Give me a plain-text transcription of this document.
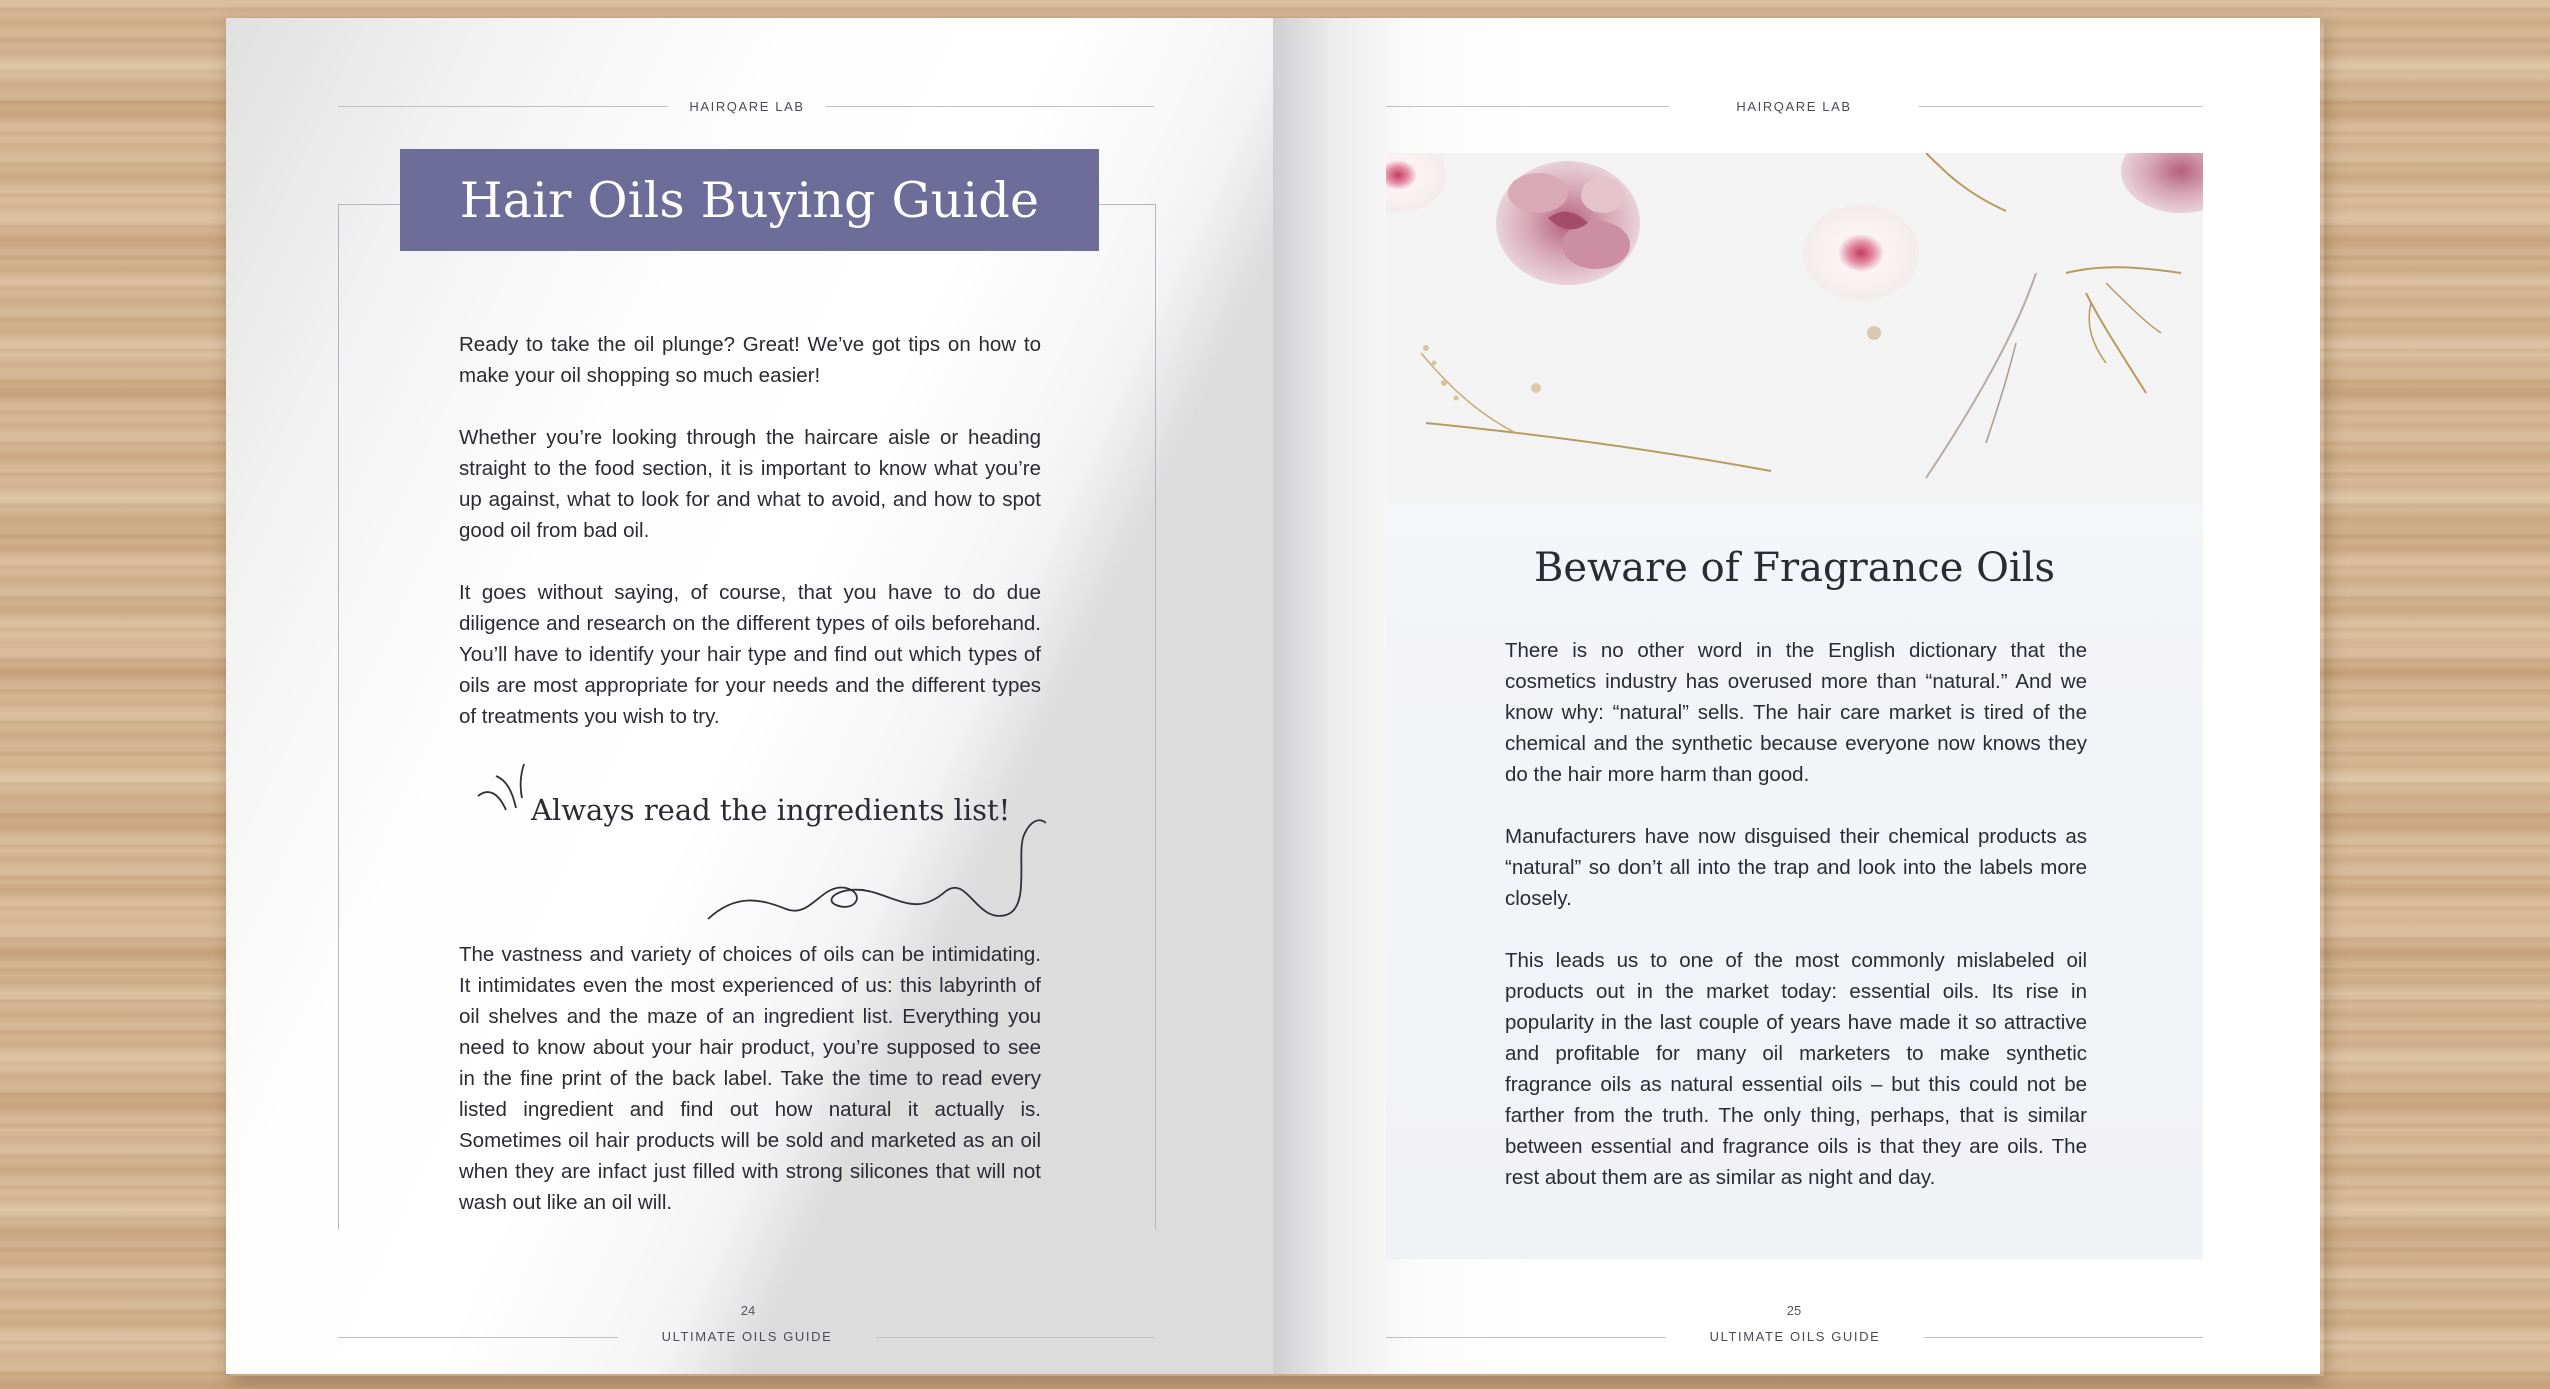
HAIRQARE LAB
Hair Oils Buying Guide

Ready to take the oil plunge? Great! We’ve got tips on how to make your oil shopping so much easier!

Whether you’re looking through the haircare aisle or heading straight to the food section, it is important to know what you’re up against, what to look for and what to avoid, and how to spot good oil from bad oil.

It goes without saying, of course, that you have to do due diligence and research on the different types of oils beforehand. You’ll have to identify your hair type and find out which types of oils are most appropriate for your needs and the different types of treatments you wish to try.

Always read the ingredients list!

The vastness and variety of choices of oils can be intimidating. It intimidates even the most experienced of us: this labyrinth of oil shelves and the maze of an ingredient list. Everything you need to know about your hair product, you’re supposed to see in the fine print of the back label. Take the time to read every listed ingredient and find out how natural it actually is. Sometimes oil hair products will be sold and marketed as an oil when they are infact just filled with strong silicones that will not wash out like an oil will.

24
ULTIMATE OILS GUIDE
HAIRQARE LAB
Beware of Fragrance Oils

There is no other word in the English dictionary that the cosmetics industry has overused more than “natural.” And we know why: “natural” sells. The hair care market is tired of the chemical and the synthetic because everyone now knows they do the hair more harm than good.

Manufacturers have now disguised their chemical products as “natural” so don’t all into the trap and look into the labels more closely.

This leads us to one of the most commonly mislabeled oil products out in the market today: essential oils. Its rise in popularity in the last couple of years have made it so attractive and profitable for many oil marketers to make synthetic fragrance oils as natural essential oils – but this could not be farther from the truth. The only thing, perhaps, that is similar between essential and fragrance oils is that they are oils. The rest about them are as similar as night and day.

25
ULTIMATE OILS GUIDE
